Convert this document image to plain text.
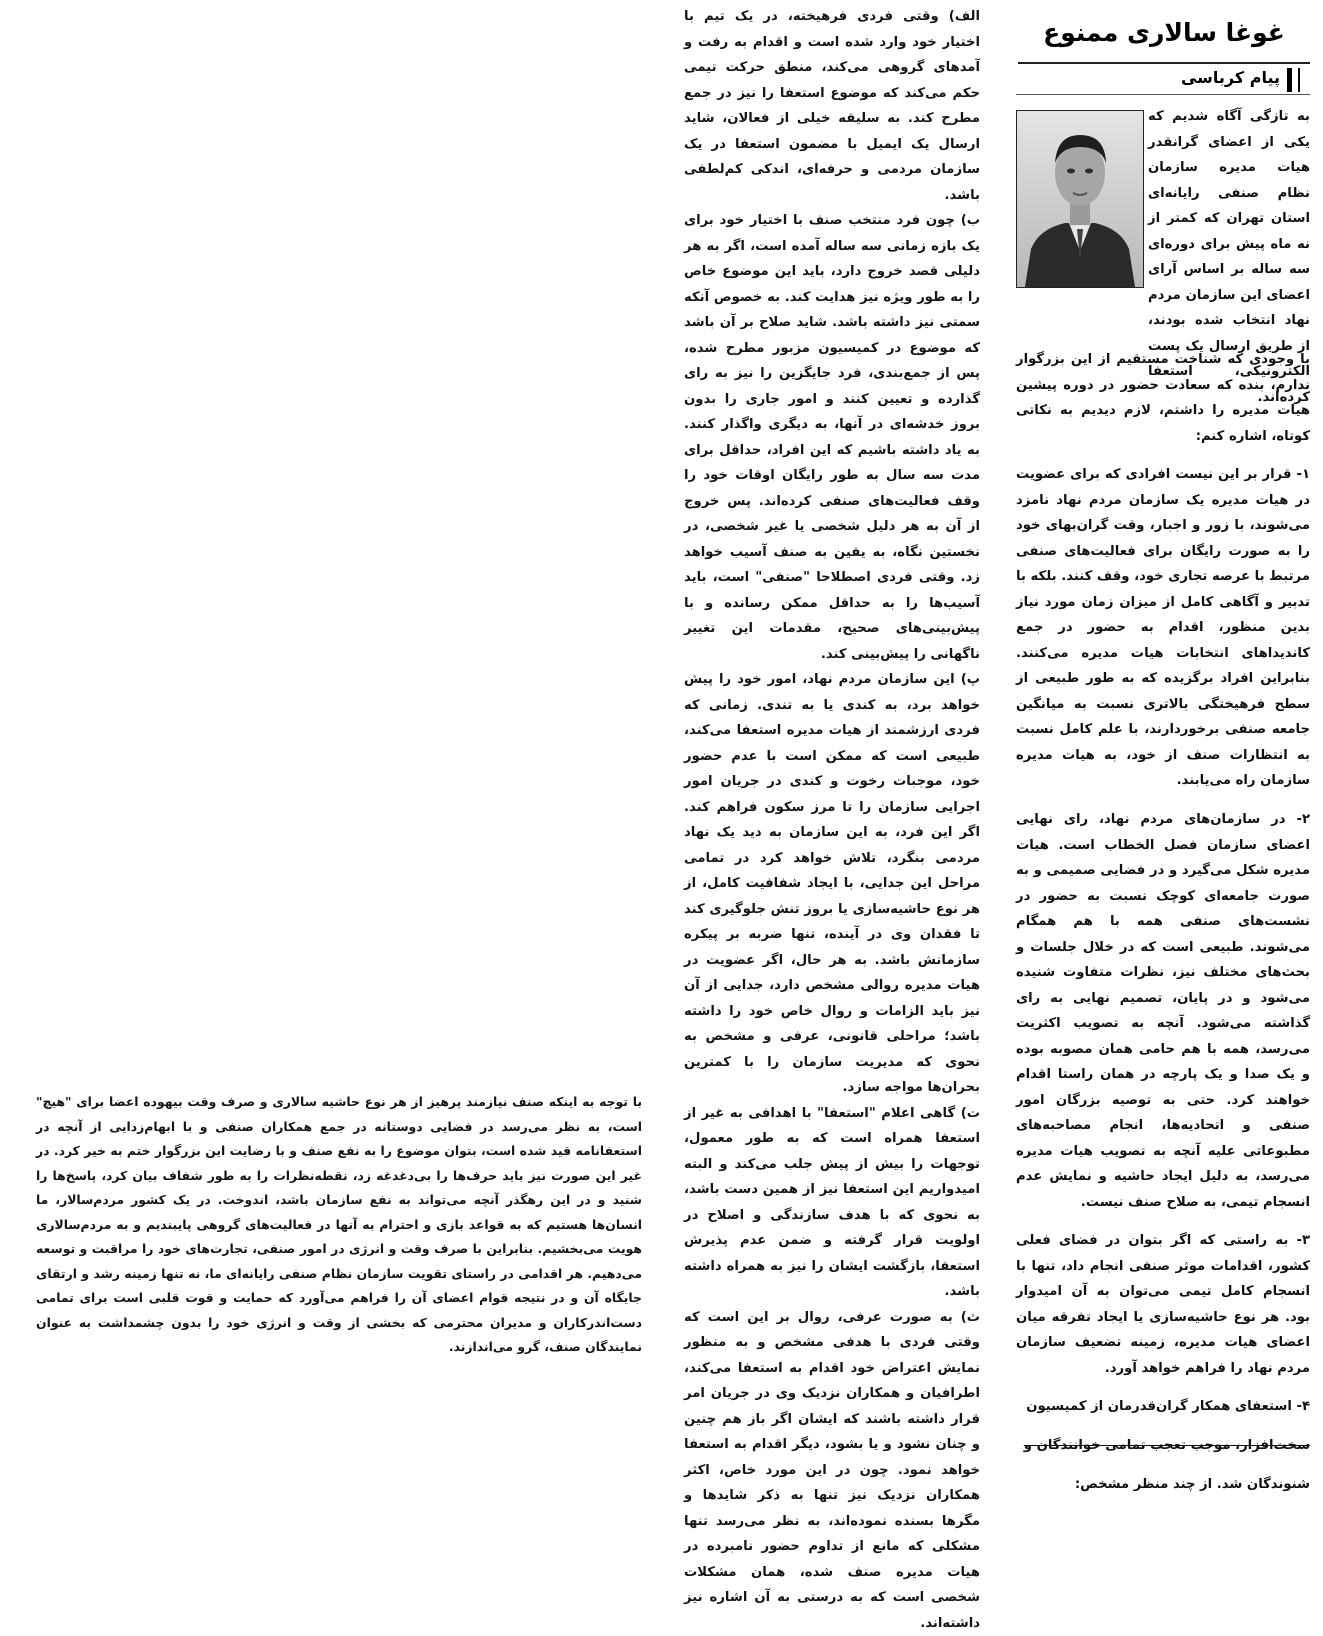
غوغا سالاری ممنوع
پیام کرباسی
به تازگی آگاه شدیم که یکی از اعضای گرانقدر هیات مدیره سازمان نظام صنفی رایانه‌ای استان تهران که کمتر از نه ماه پیش برای دوره‌ای سه ساله بر اساس آرای اعضای این سازمان مردم نهاد انتخاب شده بودند، از طریق ارسال یک پست الکترونیکی، استعفا کرده‌اند.

با وجودی که شناخت مستقیم از این بزرگوار ندارم، بنده که سعادت حضور در دوره پیشین هیات مدیره را داشتم، لازم دیدیم به نکاتی کوتاه، اشاره کنم:

۱- قرار بر این نیست افرادی که برای عضویت در هیات مدیره یک سازمان مردم نهاد نامزد می‌شوند، با زور و اجبار، وقت گران‌بهای خود را به صورت رایگان برای فعالیت‌های صنفی مرتبط با عرصه تجاری خود، وقف کنند. بلکه با تدبیر و آگاهی کامل از میزان زمان مورد نیاز بدین منظور، اقدام به حضور در جمع کاندیداهای انتخابات هیات مدیره می‌کنند. بنابراین افراد برگزیده که به طور طبیعی از سطح فرهیختگی بالاتری نسبت به میانگین جامعه صنفی برخوردارند، با علم کامل نسبت به انتظارات صنف از خود، به هیات مدیره سازمان راه می‌یابند.

۲- در سازمان‌های مردم نهاد، رای نهایی اعضای سازمان فصل الخطاب است. هیات مدیره شکل می‌گیرد و در فضایی صمیمی و به صورت جامعه‌ای کوچک نسبت به حضور در نشست‌های صنفی همه با هم همگام می‌شوند. طبیعی است که در خلال جلسات و بحث‌های مختلف نیز، نظرات متفاوت شنیده می‌شود و در پایان، تصمیم نهایی به رای گذاشته می‌شود. آنچه به تصویب اکثریت می‌رسد، همه با هم حامی همان مصوبه بوده و یک صدا و یک پارچه در همان راستا اقدام خواهند کرد. حتی به توصیه بزرگان امور صنفی و اتحادیه‌ها، انجام مصاحبه‌های مطبوعاتی علیه آنچه به تصویب هیات مدیره می‌رسد، به دلیل ایجاد حاشیه و نمایش عدم انسجام تیمی، به صلاح صنف نیست.

۳- به راستی که اگر بتوان در فضای فعلی کشور، اقدامات موثر صنفی انجام داد، تنها با انسجام کامل تیمی می‌توان به آن امیدوار بود. هر نوع حاشیه‌سازی یا ایجاد تفرقه میان اعضای هیات مدیره، زمینه تضعیف سازمان مردم نهاد را فراهم خواهد آورد.

۴- استعفای همکار گران‌قدرمان از کمیسیون

سخت‌افزار، موجب تعجب تمامی خوانندگان و

شنوندگان شد. از چند منظر مشخص:

الف) وقتی فردی فرهیخته، در یک تیم با اختیار خود وارد شده است و اقدام به رفت و آمدهای گروهی می‌کند، منطق حرکت تیمی حکم می‌کند که موضوع استعفا را نیز در جمع مطرح کند. به سلیقه خیلی از فعالان، شاید ارسال یک ایمیل با مضمون استعفا در یک سازمان مردمی و حرفه‌ای، اندکی کم‌لطفی باشد.

ب) چون فرد منتخب صنف با اختیار خود برای یک بازه زمانی سه ساله آمده است، اگر به هر دلیلی قصد خروج دارد، باید این موضوع خاص را به طور ویژه نیز هدایت کند. به خصوص آنکه سمتی نیز داشته باشد. شاید صلاح بر آن باشد که موضوع در کمیسیون مزبور مطرح شده، پس از جمع‌بندی، فرد جایگزین را نیز به رای گذارده و تعیین کنند و امور جاری را بدون بروز خدشه‌ای در آنها، به دیگری واگذار کنند. به یاد داشته باشیم که این افراد، حداقل برای مدت سه سال به طور رایگان اوقات خود را وقف فعالیت‌های صنفی کرده‌اند. پس خروج از آن به هر دلیل شخصی یا غیر شخصی، در نخستین نگاه، به یقین به صنف آسیب خواهد زد. وقتی فردی اصطلاحا "صنفی" است، باید آسیب‌ها را به حداقل ممکن رسانده و با پیش‌بینی‌های صحیح، مقدمات این تغییر ناگهانی را پیش‌بینی کند.

پ) این سازمان مردم نهاد، امور خود را پیش خواهد برد، به کندی یا به تندی. زمانی که فردی ارزشمند از هیات مدیره استعفا می‌کند، طبیعی است که ممکن است با عدم حضور خود، موجبات رخوت و کندی در جریان امور اجرایی سازمان را تا مرز سکون فراهم کند. اگر این فرد، به این سازمان به دید یک نهاد مردمی بنگرد، تلاش خواهد کرد در تمامی مراحل این جدایی، با ایجاد شفافیت کامل، از هر نوع حاشیه‌سازی یا بروز تنش جلوگیری کند تا فقدان وی در آینده، تنها ضربه بر پیکره سازمانش باشد. به هر حال، اگر عضویت در هیات مدیره روالی مشخص دارد، جدایی از آن نیز باید الزامات و روال خاص خود را داشته باشد؛ مراحلی قانونی، عرفی و مشخص به نحوی که مدیریت سازمان را با کمترین بحران‌ها مواجه سازد.

ت) گاهی اعلام "استعفا" با اهدافی به غیر از استعفا همراه است که به طور معمول، توجهات را بیش از پیش جلب می‌کند و البته امیدواریم این استعفا نیز از همین دست باشد، به نحوی که با هدف سازندگی و اصلاح در اولویت قرار گرفته و ضمن عدم پذیرش استعفا، بازگشت ایشان را نیز به همراه داشته باشد.

ث) به صورت عرفی، روال بر این است که وقتی فردی با هدفی مشخص و به منظور نمایش اعتراض خود اقدام به استعفا می‌کند، اطرافیان و همکاران نزدیک وی در جریان امر قرار داشته باشند که ایشان اگر باز هم چنین و چنان نشود و یا بشود، دیگر اقدام به استعفا خواهد نمود. چون در این مورد خاص، اکثر همکاران نزدیک نیز تنها به ذکر شایدها و مگرها بسنده نموده‌اند، به نظر می‌رسد تنها مشکلی که مانع از تداوم حضور نامبرده در هیات مدیره صنف شده، همان مشکلات شخصی است که به درستی به آن اشاره نیز داشته‌اند.

با توجه به اینکه صنف نیازمند پرهیز از هر نوع حاشیه سالاری و صرف وقت بیهوده اعضا برای "هیچ" است، به نظر می‌رسد در فضایی دوستانه در جمع همکاران صنفی و با ابهام‌زدایی از آنچه در استعفانامه قید شده است، بتوان موضوع را به نفع صنف و با رضایت این بزرگوار ختم به خیر کرد. در غیر این صورت نیز باید حرف‌ها را بی‌دغدغه زد، نقطه‌نظرات را به طور شفاف بیان کرد، پاسخ‌ها را شنید و در این رهگذر آنچه می‌تواند به نفع سازمان باشد، اندوخت. در یک کشور مردم‌سالار، ما انسان‌ها هستیم که به قواعد بازی و احترام به آنها در فعالیت‌های گروهی پایبندیم و به مردم‌سالاری هویت می‌بخشیم. بنابراین با صرف وقت و انرژی در امور صنفی، تجارت‌های خود را مراقبت و توسعه می‌دهیم. هر اقدامی در راستای تقویت سازمان نظام صنفی رایانه‌ای ما، نه تنها زمینه رشد و ارتقای جایگاه آن و در نتیجه قوام اعضای آن را فراهم می‌آورد که حمایت و قوت قلبی است برای تمامی دست‌اندرکاران و مدیران محترمی که بخشی از وقت و انرژی خود را بدون چشمداشت به عنوان نمایندگان صنف، گرو می‌اندازند.
